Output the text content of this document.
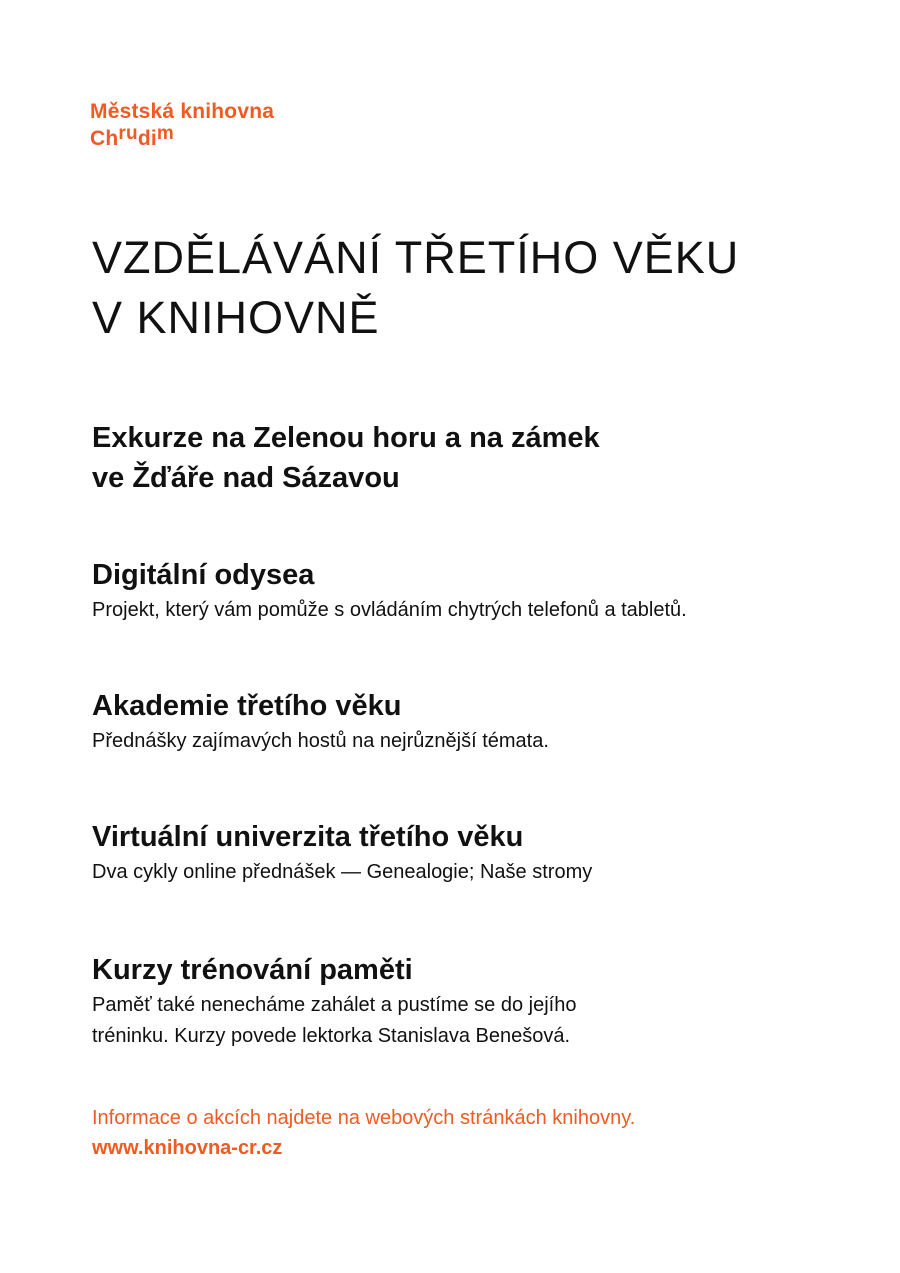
Městská knihovna
Chrudim
VZDĚLÁVÁNÍ TŘETÍHO VĚKU
V KNIHOVNĚ
Exkurze na Zelenou horu a na zámek
ve Žďáře nad Sázavou
Digitální odysea

Projekt, který vám pomůže s ovládáním chytrých telefonů a tabletů.

Akademie třetího věku

Přednášky zajímavých hostů na nejrůznější témata.

Virtuální univerzita třetího věku

Dva cykly online přednášek — Genealogie; Naše stromy

Kurzy trénování paměti

Paměť také nenecháme zahálet a pustíme se do jejího
tréninku. Kurzy povede lektorka Stanislava Benešová.

Informace o akcích najdete na webových stránkách knihovny.
www.knihovna-cr.cz
